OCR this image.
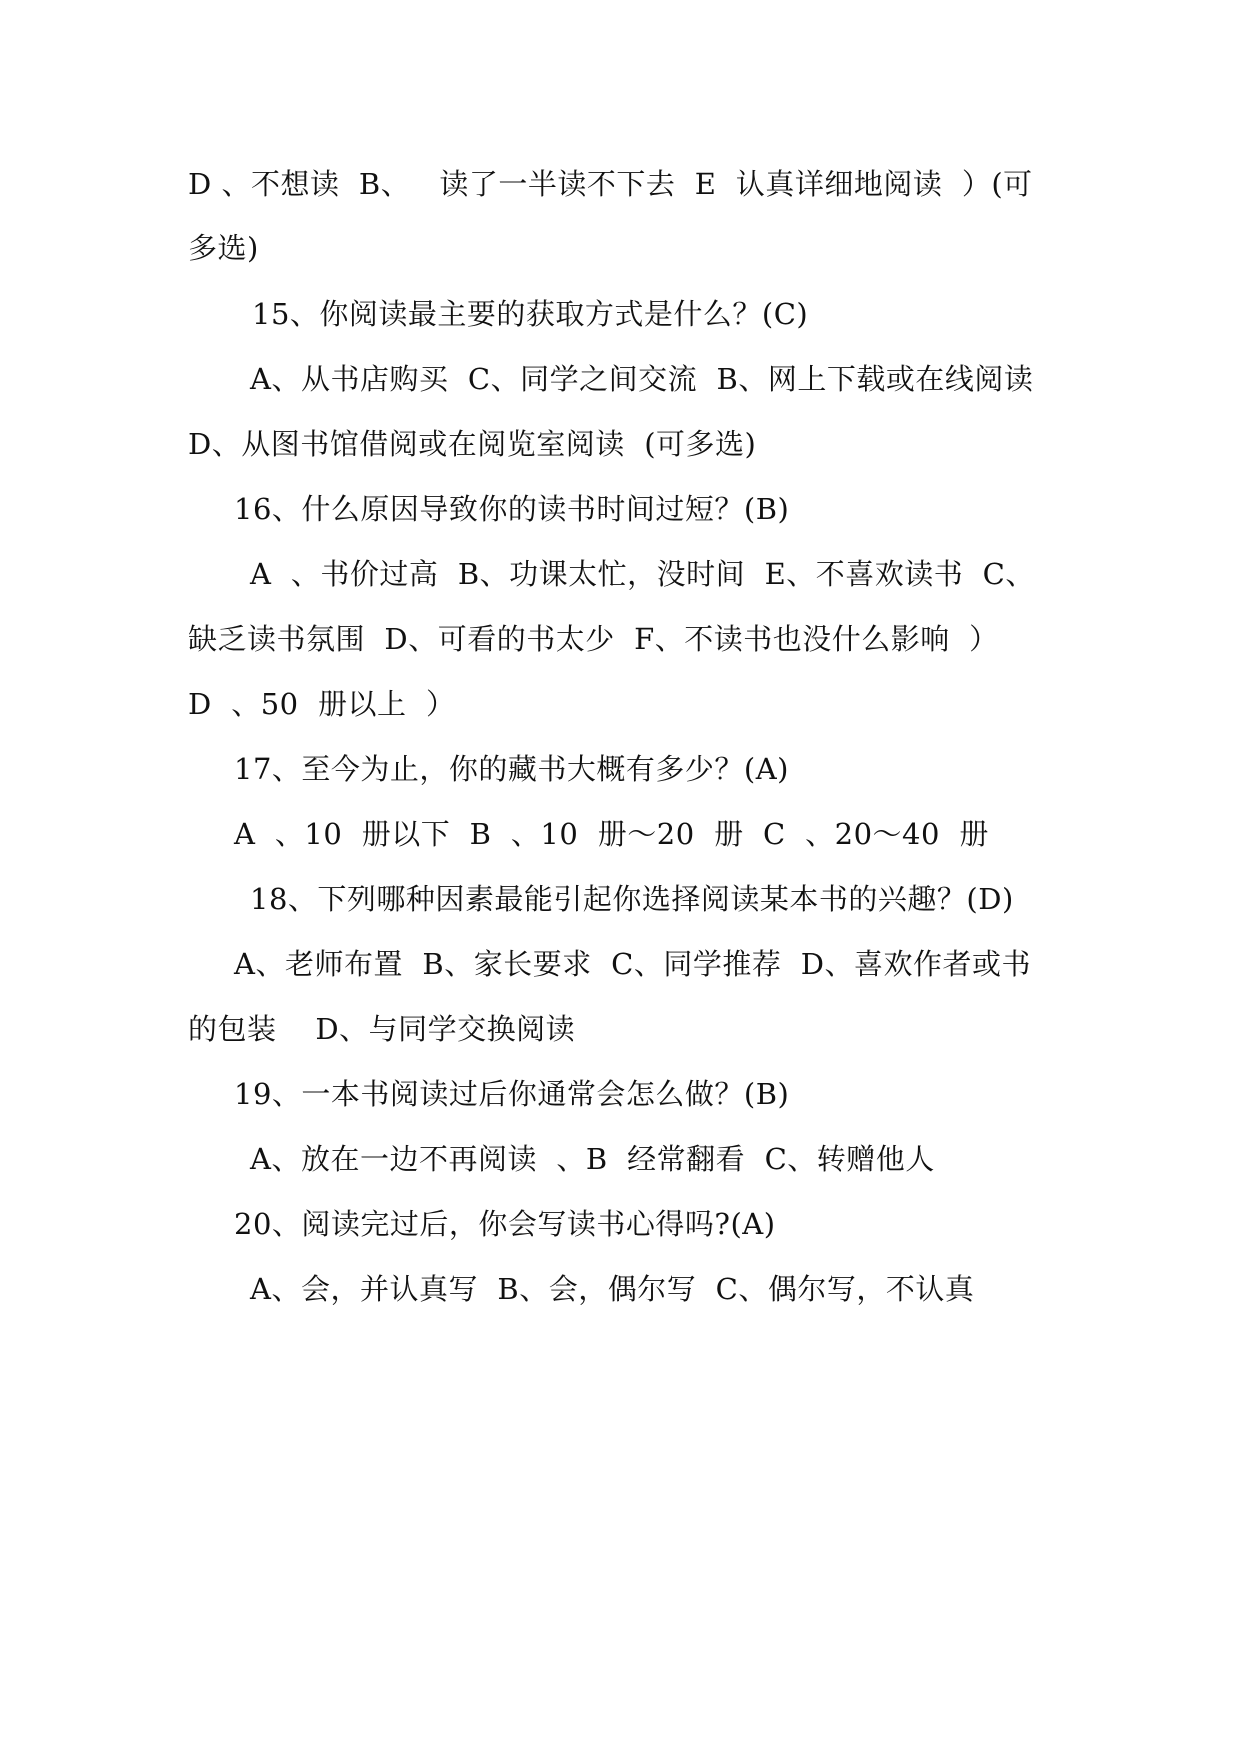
D 、不想读  B、   读了一半读不下去  E  认真详细地阅读  ）(可
多选)
15、你阅读最主要的获取方式是什么？(C)
A、从书店购买  C、同学之间交流  B、网上下载或在线阅读
D、从图书馆借阅或在阅览室阅读  (可多选)
16、什么原因导致你的读书时间过短？(B)
A  、书价过高  B、功课太忙，没时间  E、不喜欢读书  C、
缺乏读书氛围  D、可看的书太少  F、不读书也没什么影响  ）
D  、50  册以上  ）
17、至今为止，你的藏书大概有多少？(A)
A  、10  册以下  B  、10  册～20  册  C  、20～40  册
18、下列哪种因素最能引起你选择阅读某本书的兴趣？(D)
A、老师布置  B、家长要求  C、同学推荐  D、喜欢作者或书
的包装    D、与同学交换阅读
19、一本书阅读过后你通常会怎么做？(B)
A、放在一边不再阅读  、B  经常翻看  C、转赠他人
20、阅读完过后，你会写读书心得吗?(A)
A、会，并认真写  B、会，偶尔写  C、偶尔写，不认真
